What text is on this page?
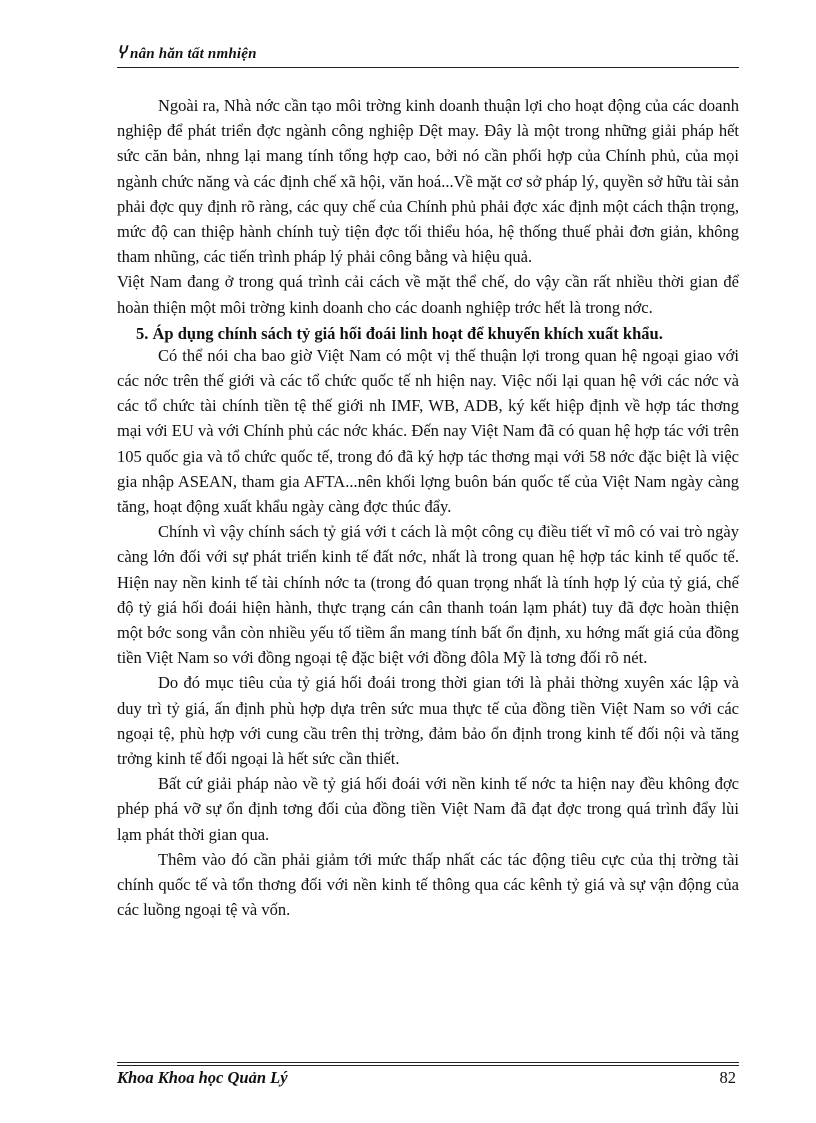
Ⴤ nân hăn tất nmhiện

Ngoài ra, Nhà nớc cần tạo môi trờng kinh doanh thuận lợi cho hoạt động của các doanh nghiệp để phát triển đợc ngành công nghiệp Dệt may. Đây là một trong những giải pháp hết sức căn bản, nhng lại mang tính tổng hợp cao, bởi nó cần phối hợp của Chính phủ, của mọi ngành chức năng và các định chế xã hội, văn hoá...Về mặt cơ sở pháp lý, quyền sở hữu tài sản phải đợc quy định rõ ràng, các quy chế của Chính phủ phải đợc xác định một cách thận trọng, mức độ can thiệp hành chính tuỳ tiện đợc tối thiểu hóa, hệ thống thuế phải đơn giản, không tham nhũng, các tiến trình pháp lý phải công bằng và hiệu quả.

Việt Nam đang ở trong quá trình cải cách về mặt thể chế, do vậy cần rất nhiều thời gian để hoàn thiện một môi trờng kinh doanh cho các doanh nghiệp trớc hết là trong nớc.

5. Áp dụng chính sách tỷ giá hối đoái linh hoạt để khuyến khích xuất khẩu.

Có thể nói cha bao giờ Việt Nam có một vị thế thuận lợi trong quan hệ ngoại giao với các nớc trên thế giới và các tổ chức quốc tế nh hiện nay. Việc nối lại quan hệ với các nớc và các tổ chức tài chính tiền tệ thế giới nh IMF, WB, ADB, ký kết hiệp định về hợp tác thơng mại với EU và với Chính phủ các nớc khác. Đến nay Việt Nam đã có quan hệ hợp tác với trên 105 quốc gia và tổ chức quốc tế, trong đó đã ký hợp tác thơng mại với 58 nớc đặc biệt là việc gia nhập ASEAN, tham gia AFTA...nên khối lợng buôn bán quốc tế của Việt Nam ngày càng tăng, hoạt động xuất khẩu ngày càng đợc thúc đẩy.

Chính vì vậy chính sách tỷ giá với t cách là một công cụ điều tiết vĩ mô có vai trò ngày càng lớn đối với sự phát triển kinh tế đất nớc, nhất là trong quan hệ hợp tác kinh tế quốc tế. Hiện nay nền kinh tế tài chính nớc ta (trong đó quan trọng nhất là tính hợp lý của tỷ giá, chế độ tỷ giá hối đoái hiện hành, thực trạng cán cân thanh toán lạm phát) tuy đã đợc hoàn thiện một bớc song vẫn còn nhiều yếu tố tiềm ẩn mang tính bất ổn định, xu hớng mất giá của đồng tiền Việt Nam so với đồng ngoại tệ đặc biệt với đồng đôla Mỹ là tơng đối rõ nét.

Do đó mục tiêu của tỷ giá hối đoái trong thời gian tới là phải thờng xuyên xác lập và duy trì tỷ giá, ấn định phù hợp dựa trên sức mua thực tế của đồng tiền Việt Nam so với các ngoại tệ, phù hợp với cung cầu trên thị trờng, đảm bảo ổn định trong kinh tế đối nội và tăng trởng kinh tế đối ngoại là hết sức cần thiết.

Bất cứ giải pháp nào về tỷ giá hối đoái với nền kinh tế nớc ta hiện nay đều không đợc phép phá vỡ sự ổn định tơng đối của đồng tiền Việt Nam đã đạt đợc trong quá trình đẩy lùi lạm phát thời gian qua.

Thêm vào đó cần phải giảm tới mức thấp nhất các tác động tiêu cực của thị trờng tài chính quốc tế và tổn thơng đối với nền kinh tế thông qua các kênh tỷ giá và sự vận động của các luồng ngoại tệ và vốn.

Khoa Khoa học Quản Lý	82
